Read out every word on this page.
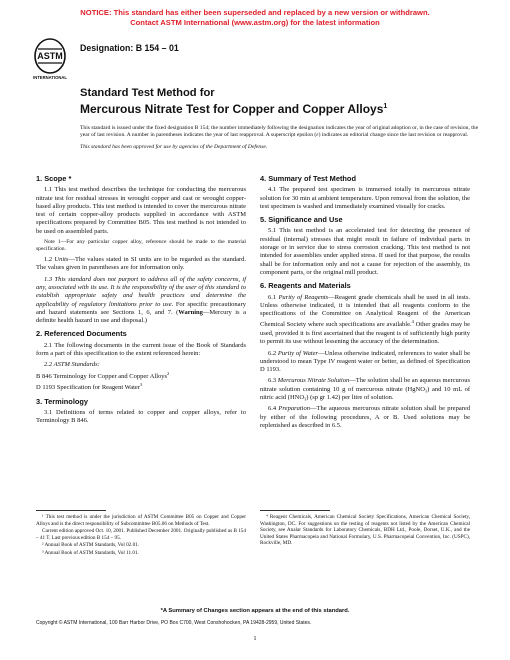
NOTICE: This standard has either been superseded and replaced by a new version or withdrawn.
Contact ASTM International (www.astm.org) for the latest information
ASTM
INTERNATIONAL
Designation: B 154 – 01
Standard Test Method for
Mercurous Nitrate Test for Copper and Copper Alloys$^1$

This standard is issued under the fixed designation B 154; the number immediately following the designation indicates the year of original adoption or, in the case of revision, the year of last revision. A number in parentheses indicates the year of last reapproval. A superscript epsilon (ε) indicates an editorial change since the last revision or reapproval.

This standard has been approved for use by agencies of the Department of Defense.

1. Scope *

1.1 This test method describes the technique for conducting the mercurous nitrate test for residual stresses in wrought copper and cast or wrought copper-based alloy products. This test method is intended to cover the mercurous nitrate test of certain copper-alloy products supplied in accordance with ASTM specifications prepared by Committee B05. This test method is not intended to be used on assembled parts.

Note 1—For any particular copper alloy, reference should be made to the material specification.

1.2 Units—The values stated in SI units are to be regarded as the standard. The values given in parentheses are for information only.

1.3 This standard does not purport to address all of the safety concerns, if any, associated with its use. It is the responsibility of the user of this standard to establish appropriate safety and health practices and determine the applicability of regulatory limitations prior to use. For specific precautionary and hazard statements see Sections 1, 6, and 7. (Warning—Mercury is a definite health hazard in use and disposal.)

2. Referenced Documents

2.1 The following documents in the current issue of the Book of Standards form a part of this specification to the extent referenced herein:

2.2 ASTM Standards:

B 846 Terminology for Copper and Copper Alloys$^2$

D 1193 Specification for Reagent Water$^3$

3. Terminology

3.1 Definitions of terms related to copper and copper alloys, refer to Terminology B 846.

4. Summary of Test Method

4.1 The prepared test specimen is immersed totally in mercurous nitrate solution for 30 min at ambient temperature. Upon removal from the solution, the test specimen is washed and immediately examined visually for cracks.

5. Significance and Use

5.1 This test method is an accelerated test for detecting the presence of residual (internal) stresses that might result in failure of individual parts in storage or in service due to stress corrosion cracking. This test method is not intended for assemblies under applied stress. If used for that purpose, the results shall be for information only and not a cause for rejection of the assembly, its component parts, or the original mill product.

6. Reagents and Materials

6.1 Purity of Reagents—Reagent grade chemicals shall be used in all tests. Unless otherwise indicated, it is intended that all reagents conform to the specifications of the Committee on Analytical Reagent of the American Chemical Society where such specifications are available.$^4$ Other grades may be used, provided it is first ascertained that the reagent is of sufficiently high purity to permit its use without lessening the accuracy of the determination.

6.2 Purity of Water—Unless otherwise indicated, references to water shall be understood to mean Type IV reagent water or better, as defined of Specification D 1193.

6.3 Mercurous Nitrate Solution—The solution shall be an aqueous mercurous nitrate solution containing 10 g of mercurous nitrate (HgNO₃) and 10 mL of nitric acid (HNO₃) (sp gr 1.42) per litre of solution.

6.4 Preparation—The aqueous mercurous nitrate solution shall be prepared by either of the following procedures, A or B. Used solutions may be replenished as described in 6.5.

¹ This test method is under the jurisdiction of ASTM Committee B05 on Copper and Copper Alloys and is the direct responsibility of Subcommittee B05.06 on Methods of Test.

Current edition approved Oct. 10, 2001. Published December 2001. Originally published as B 154 – 41 T. Last previous edition B 154 – 95.

² Annual Book of ASTM Standards, Vol 02.01.

³ Annual Book of ASTM Standards, Vol 11.01.

⁴ Reagent Chemicals, American Chemical Society Specifications, American Chemical Society, Washington, DC. For suggestions on the testing of reagents not listed by the American Chemical Society, see Analar Standards for Laboratory Chemicals, BDH Ltd., Poole, Dorset, U.K., and the United States Pharmacopeia and National Formulary, U.S. Pharmacopeial Convention, Inc. (USPC), Rockville, MD.

*A Summary of Changes section appears at the end of this standard.
Copyright © ASTM International, 100 Barr Harbor Drive, PO Box C700, West Conshohocken, PA 19428-2959, United States.
1
